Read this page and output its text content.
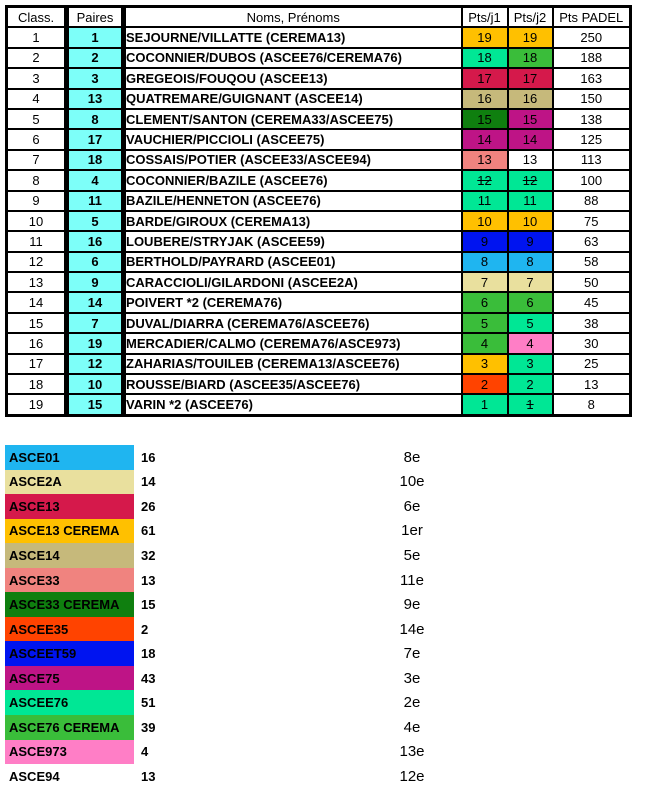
Class.	Paires	Noms, Prénoms	Pts/j1	Pts/j2	Pts PADEL
1	1	SEJOURNE/VILLATTE (CEREMA13)	19	19	250
2	2	COCONNIER/DUBOS (ASCEE76/CEREMA76)	18	18	188
3	3	GREGEOIS/FOUQOU (ASCEE13)	17	17	163
4	13	QUATREMARE/GUIGNANT (ASCEE14)	16	16	150
5	8	CLEMENT/SANTON (CEREMA33/ASCEE75)	15	15	138
6	17	VAUCHIER/PICCIOLI (ASCEE75)	14	14	125
7	18	COSSAIS/POTIER (ASCEE33/ASCEE94)	13	13	113
8	4	COCONNIER/BAZILE (ASCEE76)	12	12	100
9	11	BAZILE/HENNETON (ASCEE76)	11	11	88
10	5	BARDE/GIROUX (CEREMA13)	10	10	75
11	16	LOUBERE/STRYJAK (ASCEE59)	9	9	63
12	6	BERTHOLD/PAYRARD (ASCEE01)	8	8	58
13	9	CARACCIOLI/GILARDONI (ASCEE2A)	7	7	50
14	14	POIVERT *2 (CEREMA76)	6	6	45
15	7	DUVAL/DIARRA (CEREMA76/ASCEE76)	5	5	38
16	19	MERCADIER/CALMO (CEREMA76/ASCE973)	4	4	30
17	12	ZAHARIAS/TOUILEB (CEREMA13/ASCEE76)	3	3	25
18	10	ROUSSE/BIARD (ASCEE35/ASCEE76)	2	2	13
19	15	VARIN *2 (ASCEE76)	1	1	8
ASCE01	16	8e
ASCE2A	14	10e
ASCE13	26	6e
ASCE13 CEREMA	61	1er
ASCE14	32	5e
ASCE33	13	11e
ASCE33 CEREMA	15	9e
ASCEE35	2	14e
ASCEET59	18	7e
ASCE75	43	3e
ASCEE76	51	2e
ASCE76 CEREMA	39	4e
ASCE973	4	13e
ASCE94	13	12e
